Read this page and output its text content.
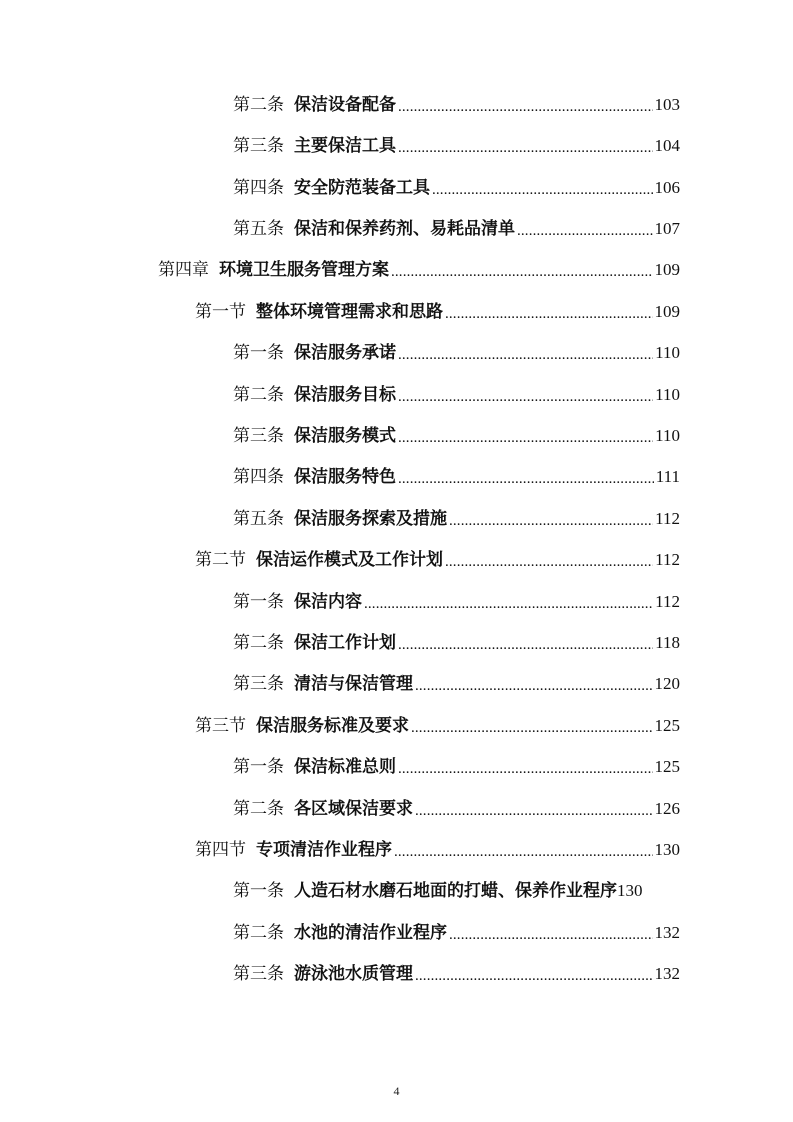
第二条 保洁设备配备 . . .	103
第三条 主要保洁工具 . . .	104
第四条 安全防范装备工具 . . .	106
第五条 保洁和保养药剂、易耗品清单 . . .	107
第四章 环境卫生服务管理方案 . . .	109
第一节 整体环境管理需求和思路 . . .	109
第一条 保洁服务承诺 . . .	110
第二条 保洁服务目标 . . .	110
第三条 保洁服务模式 . . .	110
第四条 保洁服务特色 . . .	111
第五条 保洁服务探索及措施 . . .	112
第二节 保洁运作模式及工作计划 . . .	112
第一条 保洁内容 . . .	112
第二条 保洁工作计划 . . .	118
第三条 清洁与保洁管理 . . .	120
第三节 保洁服务标准及要求 . . .	125
第一条 保洁标准总则 . . .	125
第二条 各区域保洁要求 . . .	126
第四节 专项清洁作业程序 . . .	130
第一条 人造石材水磨石地面的打蜡、保养作业程序 130
第二条 水池的清洁作业程序 . . .	132
第三条 游泳池水质管理 . . .	132
4
